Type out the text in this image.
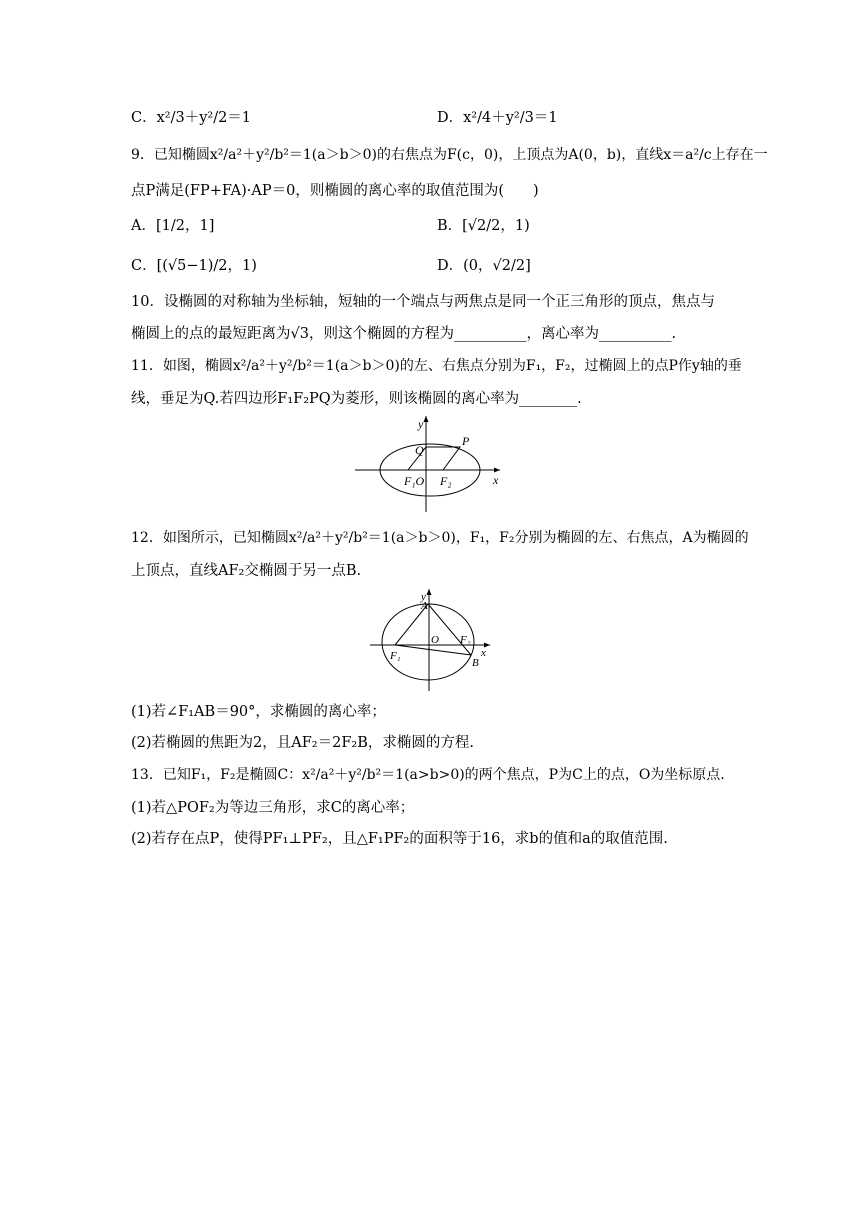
C．x²/3＋y²/2＝1	D．x²/4＋y²/3＝1
9．已知椭圆x²/a²＋y²/b²＝1(a＞b＞0)的右焦点为F(c，0)，上顶点为A(0，b)，直线x＝a²/c上存在一
点P满足(FP+FA)·AP＝0，则椭圆的离心率的取值范围为(　　)
A．[1/2，1]	B．[√2/2，1)
C．[(√5−1)/2，1)	D．(0，√2/2]
10．设椭圆的对称轴为坐标轴，短轴的一个端点与两焦点是同一个正三角形的顶点，焦点与
椭圆上的点的最短距离为√3，则这个椭圆的方程为__________，离心率为__________.
11．如图，椭圆x²/a²＋y²/b²＝1(a＞b＞0)的左、右焦点分别为F₁，F₂，过椭圆上的点P作y轴的垂
线，垂足为Q.若四边形F₁F₂PQ为菱形，则该椭圆的离心率为________.
y
x
Q
P
F₁O F₂
12．如图所示，已知椭圆x²/a²＋y²/b²＝1(a＞b＞0)，F₁，F₂分别为椭圆的左、右焦点，A为椭圆的
上顶点，直线AF₂交椭圆于另一点B.
y
x
A
O
F₁
F₂
B
(1)若∠F₁AB＝90°，求椭圆的离心率；
(2)若椭圆的焦距为2，且AF₂＝2F₂B，求椭圆的方程.
13．已知F₁，F₂是椭圆C：x²/a²＋y²/b²＝1(a>b>0)的两个焦点，P为C上的点，O为坐标原点.
(1)若△POF₂为等边三角形，求C的离心率；
(2)若存在点P，使得PF₁⊥PF₂，且△F₁PF₂的面积等于16，求b的值和a的取值范围.
